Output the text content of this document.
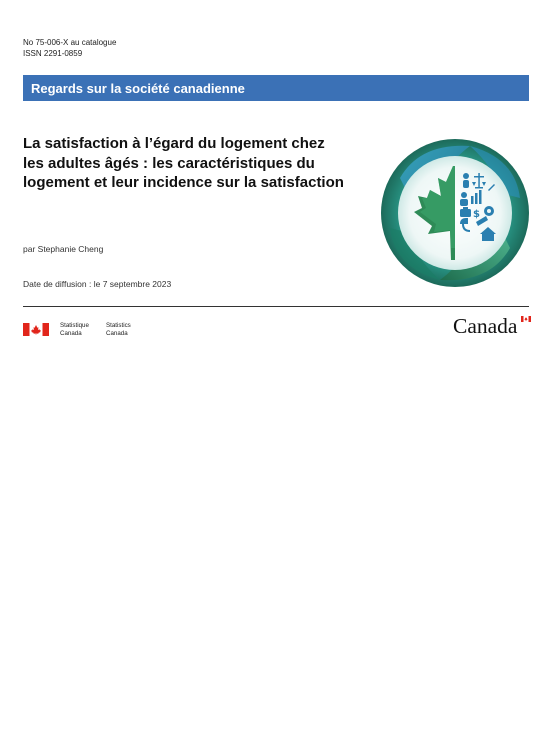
No 75-006-X au catalogue
ISSN 2291-0859
Regards sur la société canadienne
La satisfaction à l’égard du logement chez
les adultes âgés : les caractéristiques du
logement et leur incidence sur la satisfaction
par Stephanie Cheng
Date de diffusion : le 7 septembre 2023
$
Statistique
Canada
Statistics
Canada	Canada
